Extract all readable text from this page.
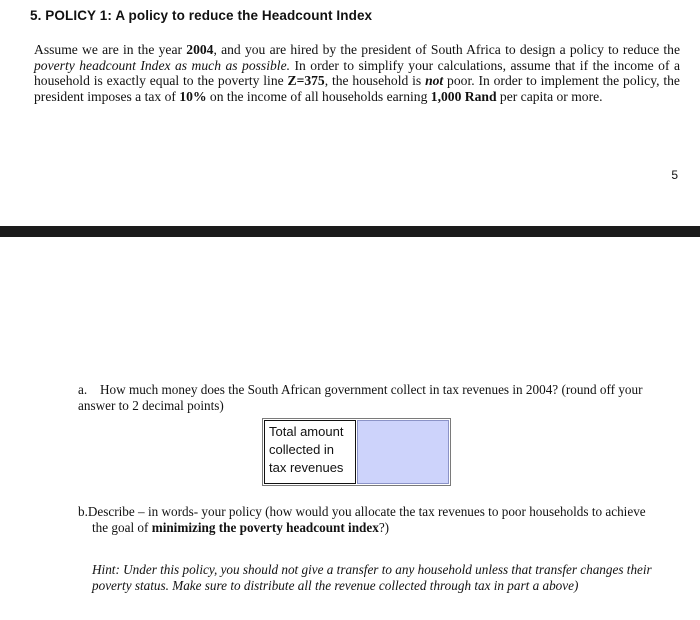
5. POLICY 1: A policy to reduce the Headcount Index
Assume we are in the year 2004, and you are hired by the president of South Africa to design a policy to reduce the poverty headcount Index as much as possible. In order to simplify your calculations, assume that if the income of a household is exactly equal to the poverty line Z=375, the household is not poor. In order to implement the policy, the president imposes a tax of 10% on the income of all households earning 1,000 Rand per capita or more.
5
a. How much money does the South African government collect in tax revenues in 2004? (round off your answer to 2 decimal points)
Total amount
collected in
tax revenues
b.Describe – in words- your policy (how would you allocate the tax revenues to poor households to achieve
the goal of minimizing the poverty headcount index?)
Hint: Under this policy, you should not give a transfer to any household unless that transfer changes their poverty status. Make sure to distribute all the revenue collected through tax in part a above)
